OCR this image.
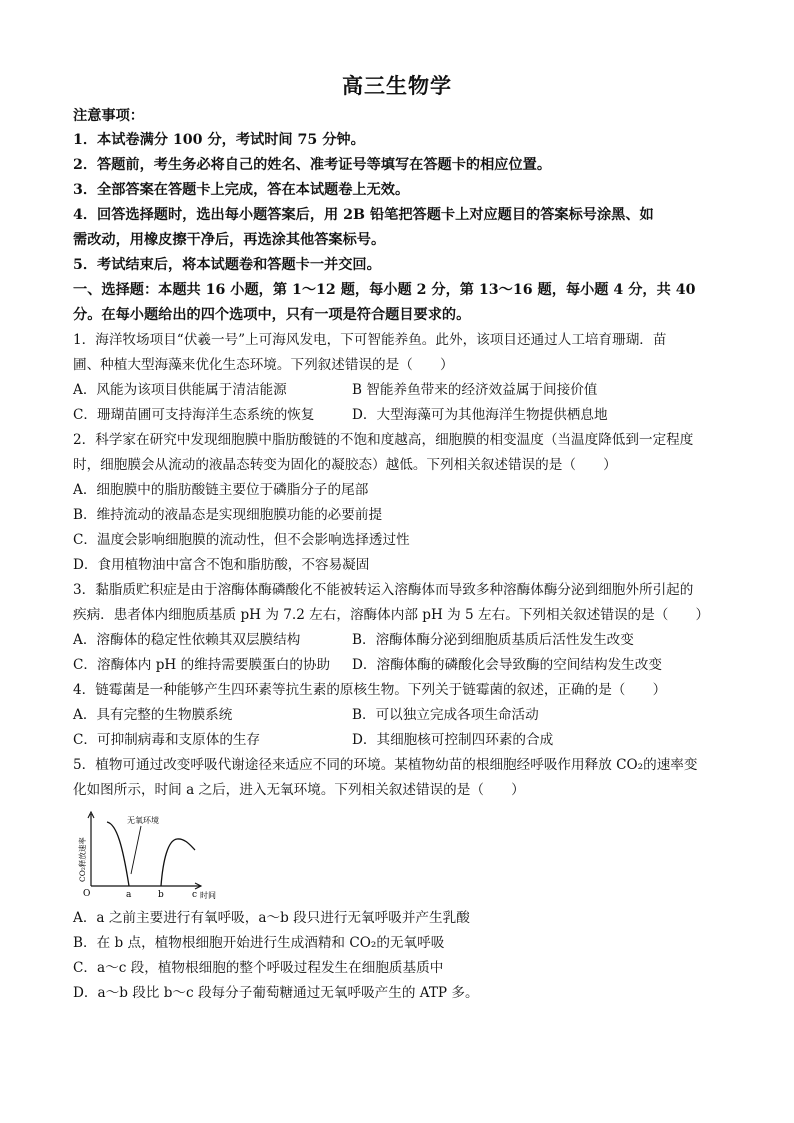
高三生物学
注意事项：
1．本试卷满分 100 分，考试时间 75 分钟。
2．答题前，考生务必将自己的姓名、准考证号等填写在答题卡的相应位置。
3．全部答案在答题卡上完成，答在本试题卷上无效。
4．回答选择题时，选出每小题答案后，用 2B 铅笔把答题卡上对应题目的答案标号涂黑、如
需改动，用橡皮擦干净后，再选涂其他答案标号。
5．考试结束后，将本试题卷和答题卡一并交回。
一、选择题：本题共 16 小题，第 1～12 题，每小题 2 分，第 13～16 题，每小题 4 分，共 40
分。在每小题给出的四个选项中，只有一项是符合题目要求的。
1．海洋牧场项目“伏羲一号”上可海风发电，下可智能养鱼。此外，该项目还通过人工培育珊瑚．苗
圃、种植大型海藻来优化生态环境。下列叙述错误的是（　　）
A．风能为该项目供能属于清洁能源	B 智能养鱼带来的经济效益属于间接价值
C．珊瑚苗圃可支持海洋生态系统的恢复	D．大型海藻可为其他海洋生物提供栖息地
2．科学家在研究中发现细胞膜中脂肪酸链的不饱和度越高，细胞膜的相变温度（当温度降低到一定程度
时，细胞膜会从流动的液晶态转变为固化的凝胶态）越低。下列相关叙述错误的是（　　）
A．细胞膜中的脂肪酸链主要位于磷脂分子的尾部
B．维持流动的液晶态是实现细胞膜功能的必要前提
C．温度会影响细胞膜的流动性，但不会影响选择透过性
D．食用植物油中富含不饱和脂肪酸，不容易凝固
3．黏脂质贮积症是由于溶酶体酶磷酸化不能被转运入溶酶体而导致多种溶酶体酶分泌到细胞外所引起的
疾病．患者体内细胞质基质 pH 为 7.2 左右，溶酶体内部 pH 为 5 左右。下列相关叙述错误的是（　　）
A．溶酶体的稳定性依赖其双层膜结构	B．溶酶体酶分泌到细胞质基质后活性发生改变
C．溶酶体内 pH 的维持需要膜蛋白的协助 D．溶酶体酶的磷酸化会导致酶的空间结构发生改变
4．链霉菌是一种能够产生四环素等抗生素的原核生物。下列关于链霉菌的叙述，正确的是（　　）
A．具有完整的生物膜系统	B．可以独立完成各项生命活动
C．可抑制病毒和支原体的生存	D．其细胞核可控制四环素的合成
5．植物可通过改变呼吸代谢途径来适应不同的环境。某植物幼苗的根细胞经呼吸作用释放 CO₂的速率变
化如图所示，时间 a 之后，进入无氧环境。下列相关叙述错误的是（　　）
无氧环境
O	a	b	c 时间
CO₂释放速率
A．a 之前主要进行有氧呼吸，a～b 段只进行无氧呼吸并产生乳酸
B．在 b 点，植物根细胞开始进行生成酒精和 CO₂的无氧呼吸
C．a～c 段，植物根细胞的整个呼吸过程发生在细胞质基质中
D．a～b 段比 b～c 段每分子葡萄糖通过无氧呼吸产生的 ATP 多。
